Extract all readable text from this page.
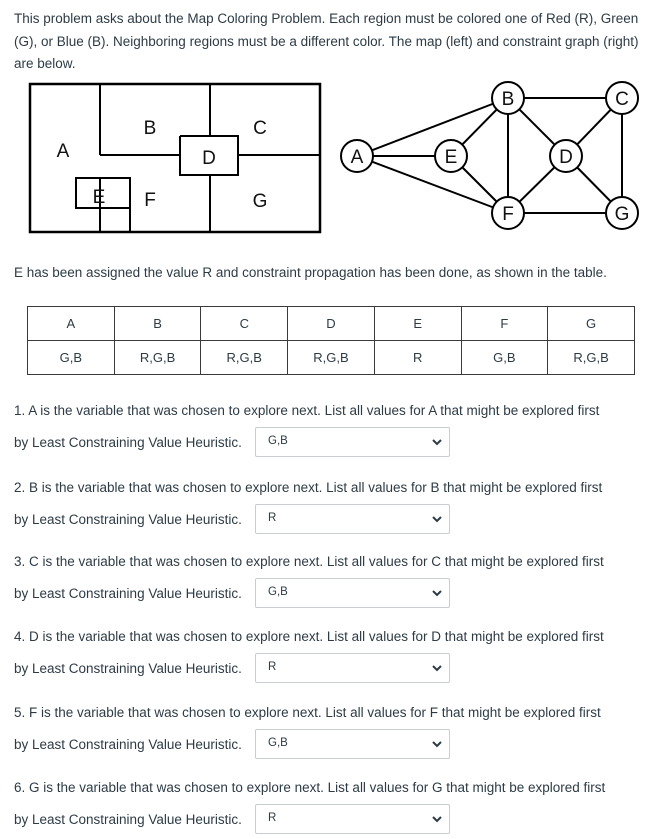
This problem asks about the Map Coloring Problem. Each region must be colored one of Red (R), Green (G), or Blue (B). Neighboring regions must be a different color. The map (left) and constraint graph (right) are below.

A
B	C
D
E F	G
A
B	C
D
E
F	G

E has been assigned the value R and constraint propagation has been done, as shown in the table.

A	B	C	D	E	F	G
G,B	R,G,B	R,G,B	R,G,B	R	G,B	R,G,B
1. A is the variable that was chosen to explore next. List all values for A that might be explored first
by Least Constraining Value Heuristic. G,B
2. B is the variable that was chosen to explore next. List all values for B that might be explored first
by Least Constraining Value Heuristic. R
3. C is the variable that was chosen to explore next. List all values for C that might be explored first
by Least Constraining Value Heuristic. G,B
4. D is the variable that was chosen to explore next. List all values for D that might be explored first
by Least Constraining Value Heuristic. R
5. F is the variable that was chosen to explore next. List all values for F that might be explored first
by Least Constraining Value Heuristic. G,B
6. G is the variable that was chosen to explore next. List all values for G that might be explored first
by Least Constraining Value Heuristic. R
